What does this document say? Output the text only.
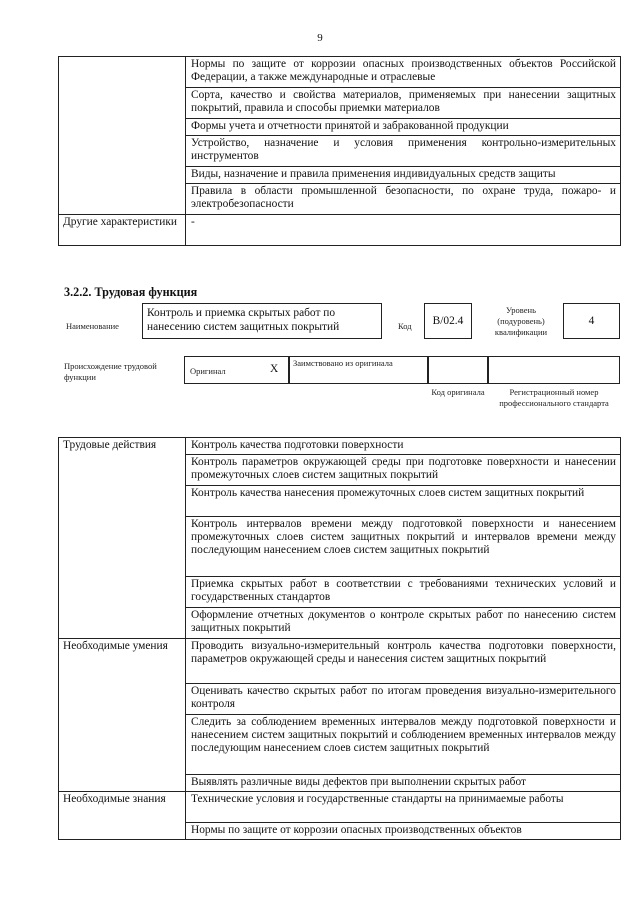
9
	Нормы по защите от коррозии опасных производственных объектов Российской Федерации, а также международные и отраслевые
	Сорта, качество и свойства материалов, применяемых при нанесении защитных покрытий, правила и способы приемки материалов
	Формы учета и отчетности принятой и забракованной продукции
	Устройство, назначение и условия применения контрольно-измерительных инструментов
	Виды, назначение и правила применения индивидуальных средств защиты
	Правила в области промышленной безопасности, по охране труда, пожаро- и электробезопасности
Другие характеристики	-
3.2.2. Трудовая функция
Наименование
Контроль и приемка скрытых работ по нанесению систем защитных покрытий	Код	В/02.4
Уровень (подуровень) квалификации
4
Происхождение трудовой функции
Оригинал	X Заимствовано из оригинала
Код оригинала	Регистрационный номер профессионального стандарта
Трудовые действия	Контроль качества подготовки поверхности
	Контроль параметров окружающей среды при подготовке поверхности и нанесении промежуточных слоев систем защитных покрытий
	Контроль качества нанесения промежуточных слоев систем защитных покрытий
	Контроль интервалов времени между подготовкой поверхности и нанесением промежуточных слоев систем защитных покрытий и интервалов времени между последующим нанесением слоев систем защитных покрытий
	Приемка скрытых работ в соответствии с требованиями технических условий и государственных стандартов
	Оформление отчетных документов о контроле скрытых работ по нанесению систем защитных покрытий
Необходимые умения	Проводить визуально-измерительный контроль качества подготовки поверхности, параметров окружающей среды и нанесения систем защитных покрытий
	Оценивать качество скрытых работ по итогам проведения визуально-измерительного контроля
	Следить за соблюдением временных интервалов между подготовкой поверхности и нанесением систем защитных покрытий и соблюдением временных интервалов между последующим нанесением слоев систем защитных покрытий
	Выявлять различные виды дефектов при выполнении скрытых работ
Необходимые знания	Технические условия и государственные стандарты на принимаемые работы
	Нормы по защите от коррозии опасных производственных объектов
